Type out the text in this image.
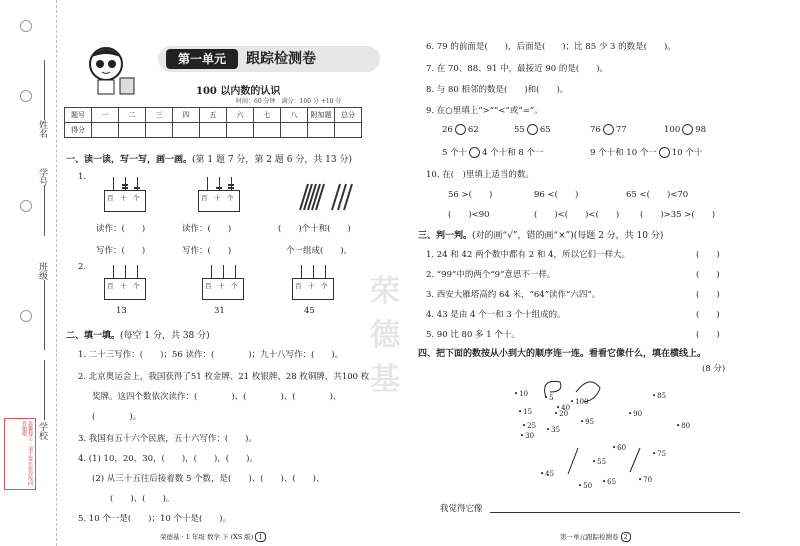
姓名
学号
班级
学校
温馨提示：请不要在密封线内答题哦
第一单元	跟踪检测卷
100 以内数的认识
时间：60 分钟　 满分：100 分 +10 分
题号	一	二	三	四	五	六	七	八	附加题	总分
得分										
一、读一读，写一写，画一画。(第 1 题 7 分，第 2 题 6 分，共 13 分)
1.
百 十 个	百 十 个
读作：(　　)	读作：(　　)	(　　)个十和(　　)
写作：(　　)	写作：(　　)	个一组成(　　)。
2.
百 十 个	百 十 个	百 十 个
13	31	45
二、填一填。(每空 1 分，共 38 分)
1. 二十三写作：(　　)；56 读作：(　　　　)；九十八写作：(　　)。
2. 北京奥运会上，我国获得了51 枚金牌、21 枚银牌、28 枚铜牌，共100 枚
奖牌。这四个数依次读作：(　　　　)、(　　　　)、(　　　　)、
(　　　　)。
3. 我国有五十六个民族，五十六写作：(　　)。
4. (1) 10，20，30，(　　)，(　　)，(　　)。
(2) 从三十五往后接着数 5 个数，是(　　)、(　　)、(　　)、
(　　)、(　　)。
5. 10 个一是(　　)；10 个十是(　　)。
6. 79 的前面是(　　)，后面是(　　)；比 85 少 3 的数是(　　)。
7. 在 70、88、91 中，最接近 90 的是(　　)。
8. 与 80 相邻的数是(　　)和(　　)。
9. 在○里填上“>”“<”或“=”。
26 62	55 65	76 77	100 98
5 个十 4 个十和 8 个一	9 个十和 10 个一 10 个十
10. 在(　)里填上适当的数。
56 >(　　)	96 <(　　)	65 <(　　)<70
(　　)<90	(　　)<(　　)<(　　) (　　)>35 >(　　)
三、判一判。(对的画“√”，错的画“×”)(每题 2 分，共 10 分)
1. 24 和 42 两个数中都有 2 和 4，所以它们一样大。	(　　)
2. “99”中的两个“9”意思不一样。	(　　)
3. 西安大雁塔高约 64 米，“64”读作“六四”。	(　　)
4. 43 是由 4 个一和 3 个十组成的。	(　　)
5. 90 比 80 多 1 个十。	(　　)
四、把下面的数按从小到大的顺序连一连。看看它像什么，填在横线上。
(8 分)
• 10	• 5
• 15
• 25
• 30
• 35
• 20
• 40
• 45
• 50
• 55
• 60
• 65	• 70
• 75
• 80
• 85
• 90
• 95
• 100
我觉得它像
荣德基
荣德基 · 1 年级 数学 下 (XS 版) 1	第一单元跟踪检测卷 2
